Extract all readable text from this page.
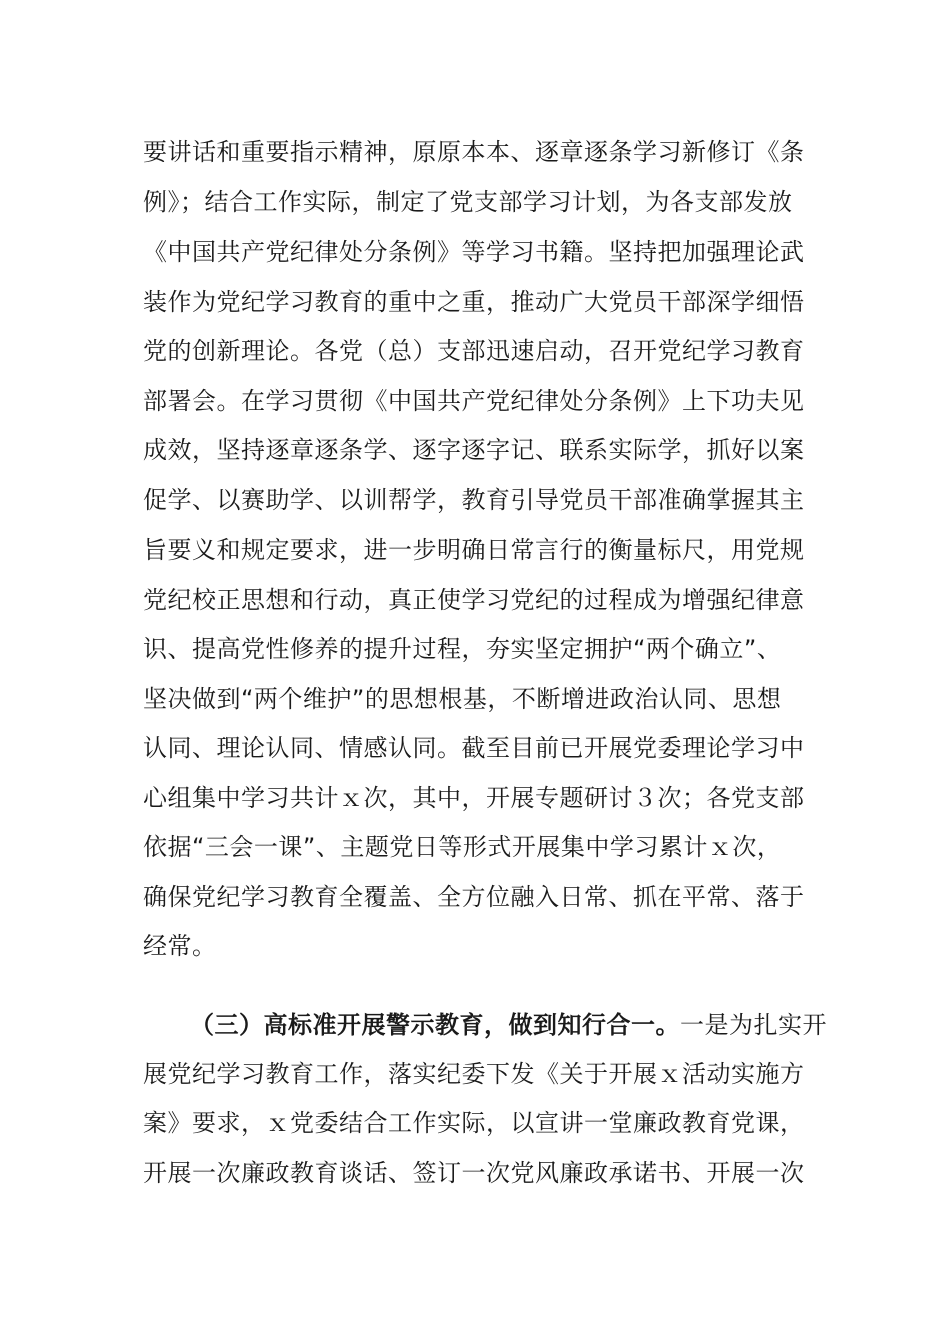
要讲话和重要指示精神，原原本本、逐章逐条学习新修订《条
例》；结合工作实际，制定了党支部学习计划，为各支部发放
《中国共产党纪律处分条例》等学习书籍。坚持把加强理论武
装作为党纪学习教育的重中之重，推动广大党员干部深学细悟
党的创新理论。各党（总）支部迅速启动，召开党纪学习教育
部署会。在学习贯彻《中国共产党纪律处分条例》上下功夫见
成效，坚持逐章逐条学、逐字逐字记、联系实际学，抓好以案
促学、以赛助学、以训帮学，教育引导党员干部准确掌握其主
旨要义和规定要求，进一步明确日常言行的衡量标尺，用党规
党纪校正思想和行动，真正使学习党纪的过程成为增强纪律意
识、提高党性修养的提升过程，夯实坚定拥护“两个确立”、
坚决做到“两个维护”的思想根基，不断增进政治认同、思想
认同、理论认同、情感认同。截至目前已开展党委理论学习中
心组集中学习共计ｘ次，其中，开展专题研讨３次；各党支部
依据“三会一课”、主题党日等形式开展集中学习累计ｘ次，
确保党纪学习教育全覆盖、全方位融入日常、抓在平常、落于
经常。
（三）高标准开展警示教育，做到知行合一。一是为扎实开
展党纪学习教育工作，落实纪委下发《关于开展ｘ活动实施方
案》要求，ｘ党委结合工作实际，以宣讲一堂廉政教育党课，
开展一次廉政教育谈话、签订一次党风廉政承诺书、开展一次
